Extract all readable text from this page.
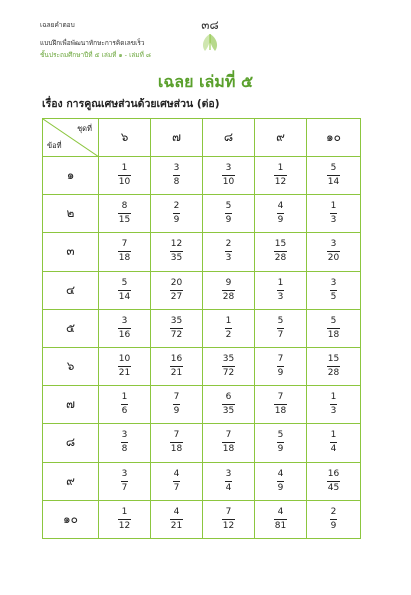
เฉลยคำตอบ
แบบฝึกเพื่อพัฒนาทักษะการคิดเลขเร็ว
ชั้นประถมศึกษาปีที่ ๕ เล่มที่ ๑ - เล่มที่ ๘
๓๘
เฉลย เล่มที่ ๕
เรื่อง การคูณเศษส่วนด้วยเศษส่วน (ต่อ)
ชุดที่
ข้อที่	๖	๗	๘	๙	๑๐
๑	$\frac{1}{10}$	$\frac{3}{8}$	$\frac{3}{10}$	$\frac{1}{12}$	$\frac{5}{14}$

๒	$\frac{8}{15}$	$\frac{2}{9}$	$\frac{5}{9}$	$\frac{4}{9}$	$\frac{1}{3}$

๓	$\frac{7}{18}$	$\frac{12}{35}$	$\frac{2}{3}$	$\frac{15}{28}$	$\frac{3}{20}$

๔	$\frac{5}{14}$	$\frac{20}{27}$	$\frac{9}{28}$	$\frac{1}{3}$	$\frac{3}{5}$

๕	$\frac{3}{16}$	$\frac{35}{72}$	$\frac{1}{2}$	$\frac{5}{7}$	$\frac{5}{18}$

๖	$\frac{10}{21}$	$\frac{16}{21}$	$\frac{35}{72}$	$\frac{7}{9}$	$\frac{15}{28}$

๗	$\frac{1}{6}$	$\frac{7}{9}$	$\frac{6}{35}$	$\frac{7}{18}$	$\frac{1}{3}$

๘	$\frac{3}{8}$	$\frac{7}{18}$	$\frac{7}{18}$	$\frac{5}{9}$	$\frac{1}{4}$

๙	$\frac{3}{7}$	$\frac{4}{7}$	$\frac{3}{4}$	$\frac{4}{9}$	$\frac{16}{45}$

๑๐	$\frac{1}{12}$	$\frac{4}{21}$	$\frac{7}{12}$	$\frac{4}{81}$	$\frac{2}{9}$
